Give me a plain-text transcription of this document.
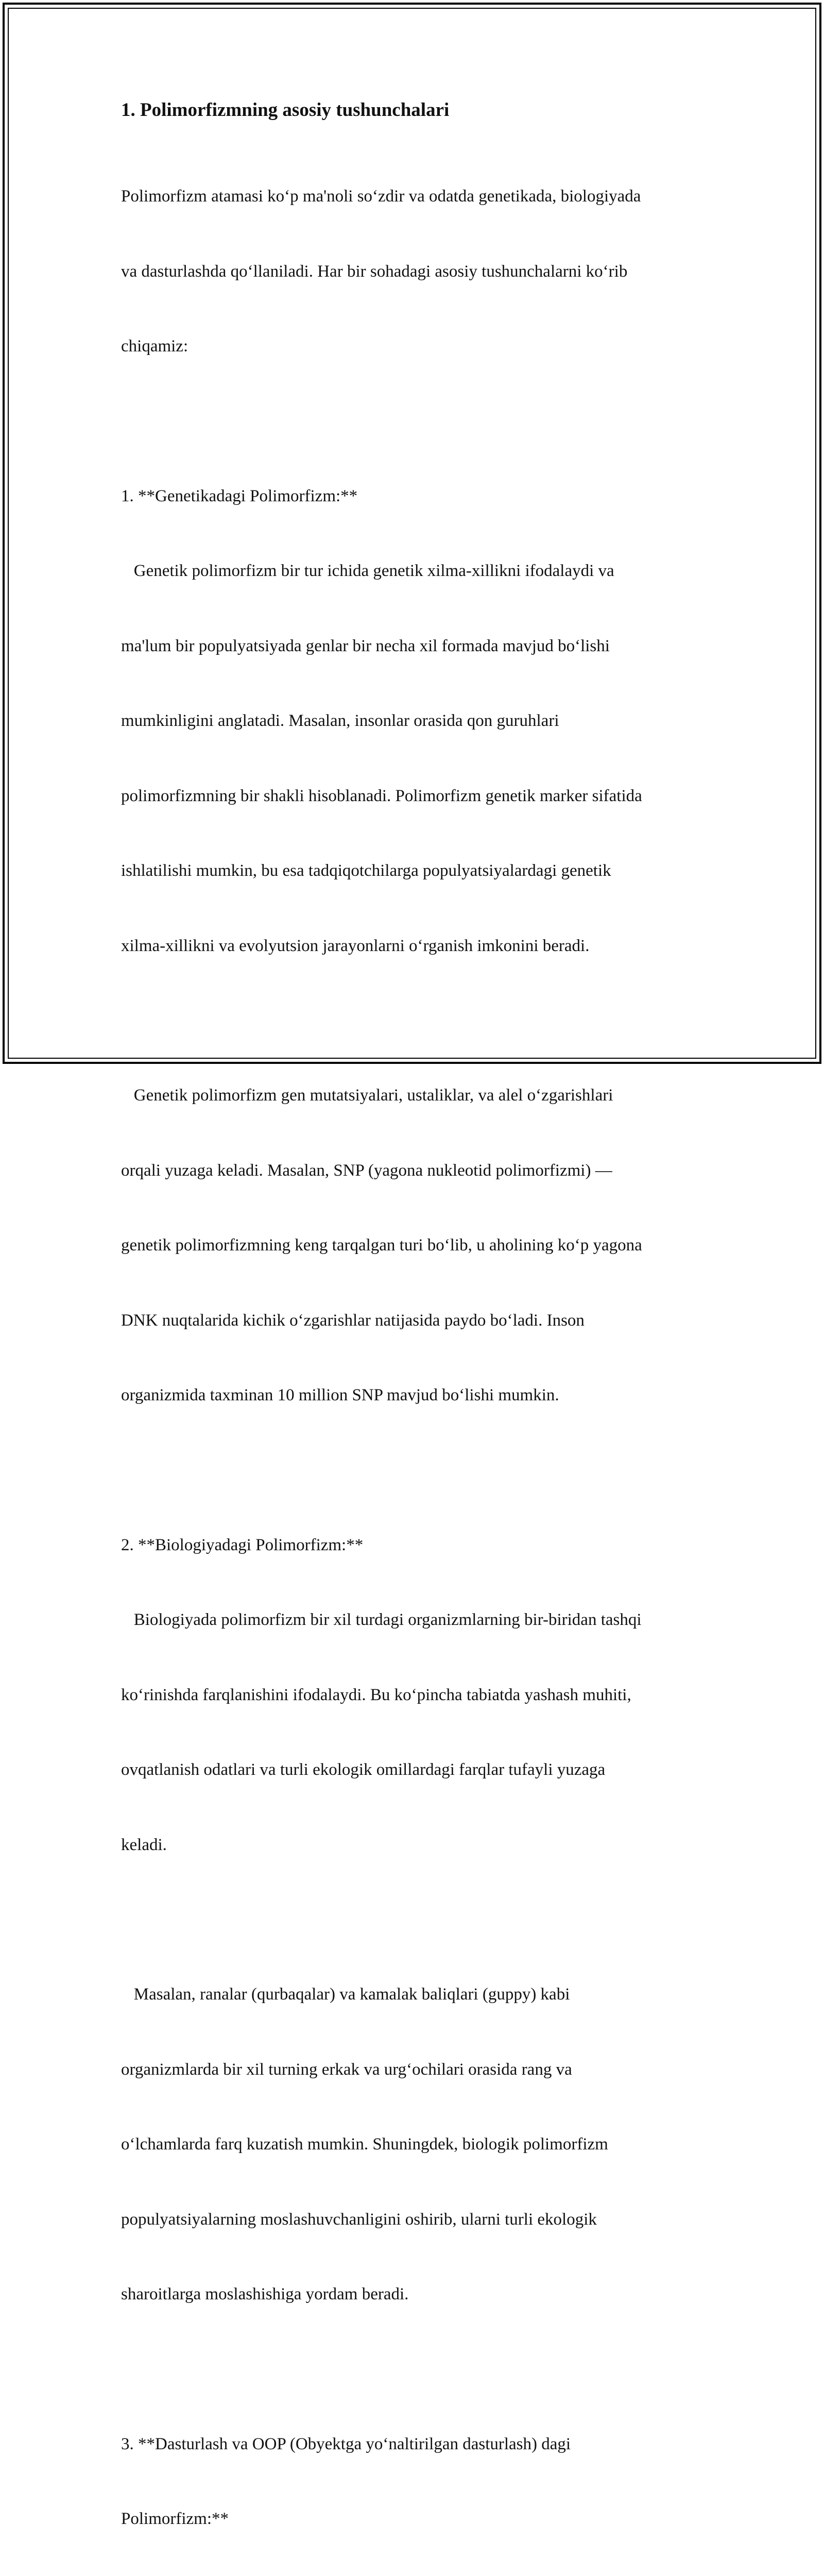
1. Polimorfizmning asosiy tushunchalari

Polimorfizm atamasi ko‘p ma'noli so‘zdir va odatda genetikada, biologiyada

va dasturlashda qo‘llaniladi. Har bir sohadagi asosiy tushunchalarni ko‘rib

chiqamiz:

1. **Genetikadagi Polimorfizm:**

Genetik polimorfizm bir tur ichida genetik xilma-xillikni ifodalaydi va

ma'lum bir populyatsiyada genlar bir necha xil formada mavjud bo‘lishi

mumkinligini anglatadi. Masalan, insonlar orasida qon guruhlari

polimorfizmning bir shakli hisoblanadi. Polimorfizm genetik marker sifatida

ishlatilishi mumkin, bu esa tadqiqotchilarga populyatsiyalardagi genetik

xilma-xillikni va evolyutsion jarayonlarni o‘rganish imkonini beradi.

Genetik polimorfizm gen mutatsiyalari, ustaliklar, va alel o‘zgarishlari

orqali yuzaga keladi. Masalan, SNP (yagona nukleotid polimorfizmi) —

genetik polimorfizmning keng tarqalgan turi bo‘lib, u aholining ko‘p yagona

DNK nuqtalarida kichik o‘zgarishlar natijasida paydo bo‘ladi. Inson

organizmida taxminan 10 million SNP mavjud bo‘lishi mumkin.

2. **Biologiyadagi Polimorfizm:**

Biologiyada polimorfizm bir xil turdagi organizmlarning bir-biridan tashqi

ko‘rinishda farqlanishini ifodalaydi. Bu ko‘pincha tabiatda yashash muhiti,

ovqatlanish odatlari va turli ekologik omillardagi farqlar tufayli yuzaga

keladi.

Masalan, ranalar (qurbaqalar) va kamalak baliqlari (guppy) kabi

organizmlarda bir xil turning erkak va urg‘ochilari orasida rang va

o‘lchamlarda farq kuzatish mumkin. Shuningdek, biologik polimorfizm

populyatsiyalarning moslashuvchanligini oshirib, ularni turli ekologik

sharoitlarga moslashishiga yordam beradi.

3. **Dasturlash va OOP (Obyektga yo‘naltirilgan dasturlash) dagi

Polimorfizm:**
